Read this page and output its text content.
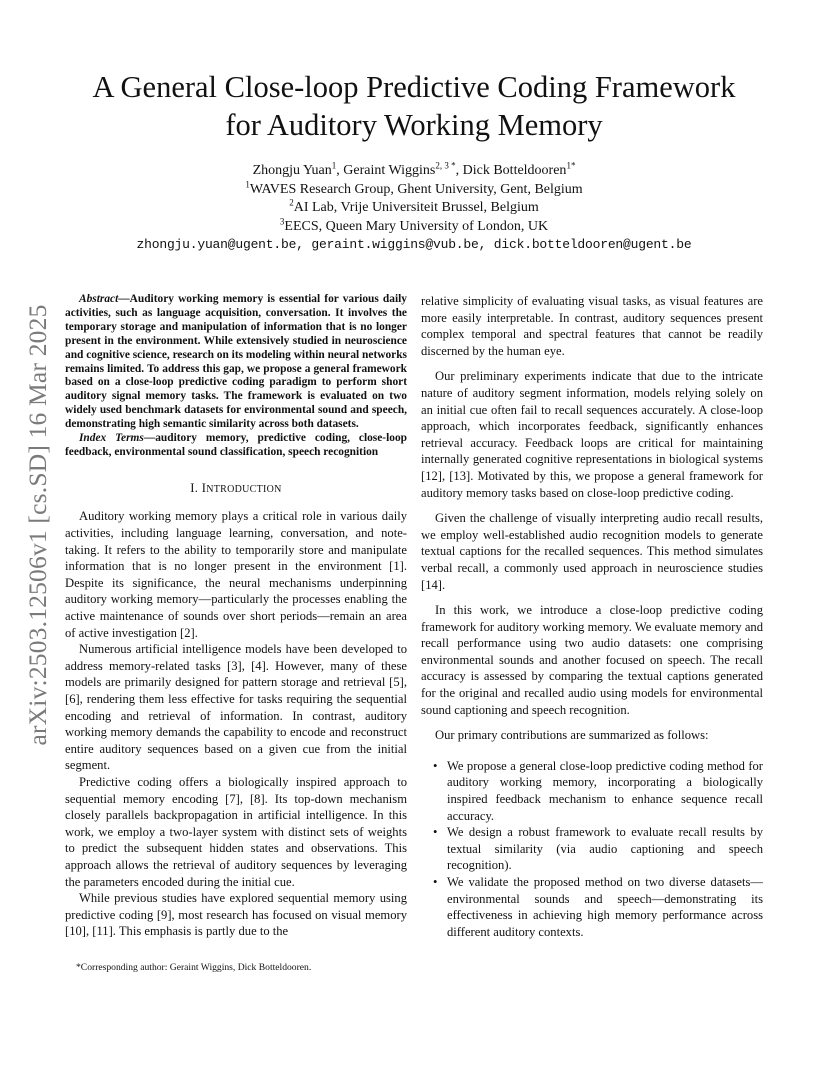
arXiv:2503.12506v1 [cs.SD] 16 Mar 2025
A General Close-loop Predictive Coding Framework
for Auditory Working Memory
Zhongju Yuan$^1$, Geraint Wiggins$^{2, 3 *}$, Dick Botteldooren$^{1*}$
$^1$WAVES Research Group, Ghent University, Gent, Belgium
$^2$AI Lab, Vrije Universiteit Brussel, Belgium
$^3$EECS, Queen Mary University of London, UK
zhongju.yuan@ugent.be, geraint.wiggins@vub.be, dick.botteldooren@ugent.be

Abstract—Auditory working memory is essential for various daily activities, such as language acquisition, conversation. It involves the temporary storage and manipulation of information that is no longer present in the environment. While extensively studied in neuroscience and cognitive science, research on its modeling within neural networks remains limited. To address this gap, we propose a general framework based on a close-loop predictive coding paradigm to perform short auditory signal memory tasks. The framework is evaluated on two widely used benchmark datasets for environmental sound and speech, demonstrating high semantic similarity across both datasets.

Index Terms—auditory memory, predictive coding, close-loop feedback, environmental sound classification, speech recognition

I. INTRODUCTION

Auditory working memory plays a critical role in various daily activities, including language learning, conversation, and note-taking. It refers to the ability to temporarily store and manipulate information that is no longer present in the environment [1]. Despite its significance, the neural mechanisms underpinning auditory working memory—particularly the processes enabling the active maintenance of sounds over short periods—remain an area of active investigation [2].

Numerous artificial intelligence models have been developed to address memory-related tasks [3], [4]. However, many of these models are primarily designed for pattern storage and retrieval [5], [6], rendering them less effective for tasks requiring the sequential encoding and retrieval of information. In contrast, auditory working memory demands the capability to encode and reconstruct entire auditory sequences based on a given cue from the initial segment.

Predictive coding offers a biologically inspired approach to sequential memory encoding [7], [8]. Its top-down mechanism closely parallels backpropagation in artificial intelligence. In this work, we employ a two-layer system with distinct sets of weights to predict the subsequent hidden states and observations. This approach allows the retrieval of auditory sequences by leveraging the parameters encoded during the initial cue.

While previous studies have explored sequential memory using predictive coding [9], most research has focused on visual memory [10], [11]. This emphasis is partly due to the

relative simplicity of evaluating visual tasks, as visual features are more easily interpretable. In contrast, auditory sequences present complex temporal and spectral features that cannot be readily discerned by the human eye.

Our preliminary experiments indicate that due to the intricate nature of auditory segment information, models relying solely on an initial cue often fail to recall sequences accurately. A close-loop approach, which incorporates feedback, significantly enhances retrieval accuracy. Feedback loops are critical for maintaining internally generated cognitive representations in biological systems [12], [13]. Motivated by this, we propose a general framework for auditory memory tasks based on close-loop predictive coding.

Given the challenge of visually interpreting audio recall results, we employ well-established audio recognition models to generate textual captions for the recalled sequences. This method simulates verbal recall, a commonly used approach in neuroscience studies [14].

In this work, we introduce a close-loop predictive coding framework for auditory working memory. We evaluate memory and recall performance using two audio datasets: one comprising environmental sounds and another focused on speech. The recall accuracy is assessed by comparing the textual captions generated for the original and recalled audio using models for environmental sound captioning and speech recognition.

Our primary contributions are summarized as follows:

• We propose a general close-loop predictive coding method for auditory working memory, incorporating a biologically inspired feedback mechanism to enhance sequence recall accuracy.
• We design a robust framework to evaluate recall results by textual similarity (via audio captioning and speech recognition).
• We validate the proposed method on two diverse datasets—environmental sounds and speech—demonstrating its effectiveness in achieving high memory performance across different auditory contexts.
*Corresponding author: Geraint Wiggins, Dick Botteldooren.
